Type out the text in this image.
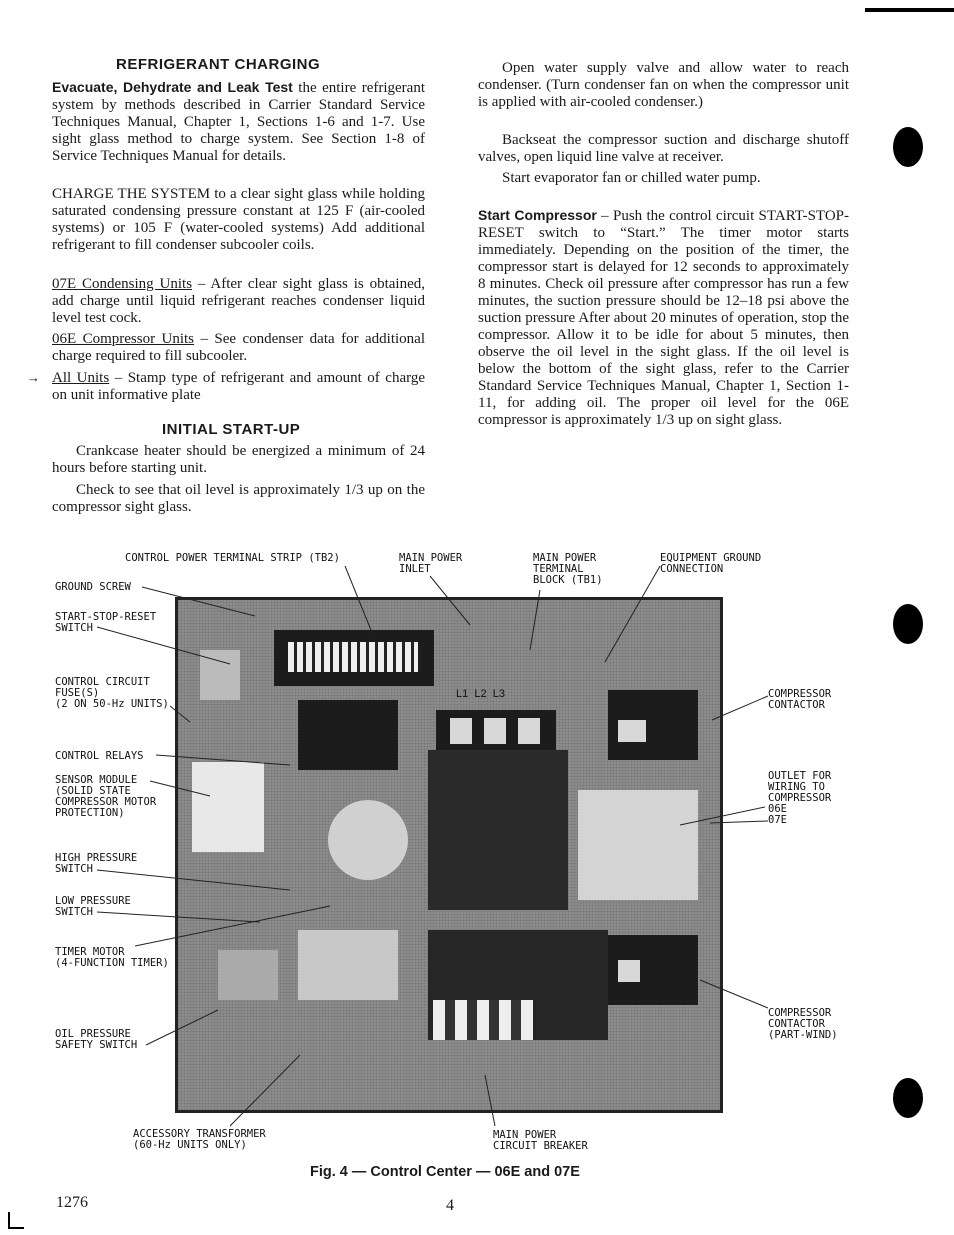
REFRIGERANT CHARGING

Evacuate, Dehydrate and Leak Test the entire refrigerant system by methods described in Carrier Standard Service Techniques Manual, Chapter 1, Sections 1-6 and 1-7. Use sight glass method to charge system. See Section 1-8 of Service Techniques Manual for details.

CHARGE THE SYSTEM to a clear sight glass while holding saturated condensing pressure constant at 125 F (air-cooled systems) or 105 F (water-cooled systems) Add additional refrigerant to fill condenser subcooler coils.

07E Condensing Units – After clear sight glass is obtained, add charge until liquid refrigerant reaches condenser liquid level test cock.

06E Compressor Units – See condenser data for additional charge required to fill subcooler.

→ All Units – Stamp type of refrigerant and amount of charge on unit informative plate

INITIAL START-UP

Crankcase heater should be energized a minimum of 24 hours before starting unit.

Check to see that oil level is approximately 1/3 up on the compressor sight glass.

Open water supply valve and allow water to reach condenser. (Turn condenser fan on when the compressor unit is applied with air-cooled condenser.)

Backseat the compressor suction and discharge shutoff valves, open liquid line valve at receiver.

Start evaporator fan or chilled water pump.

Start Compressor – Push the control circuit START-STOP-RESET switch to “Start.” The timer motor starts immediately. Depending on the position of the timer, the compressor start is delayed for 12 seconds to approximately 8 minutes. Check oil pressure after compressor has run a few minutes, the suction pressure should be 12–18 psi above the suction pressure After about 20 minutes of operation, stop the compressor. Allow it to be idle for about 5 minutes, then observe the oil level in the sight glass. If the oil level is below the bottom of the sight glass, refer to the Carrier Standard Service Techniques Manual, Chapter 1, Section 1-11, for adding oil. The proper oil level for the 06E compressor is approximately 1/3 up on sight glass.

L1  L2  L3
CONTROL POWER TERMINAL STRIP (TB2)	MAIN POWER
INLET
MAIN POWER
TERMINAL
BLOCK (TB1)
EQUIPMENT GROUND
CONNECTION
GROUND SCREW
START-STOP-RESET
SWITCH
CONTROL CIRCUIT
FUSE(S)
(2 ON 50-Hz UNITS)
CONTROL RELAYS
SENSOR MODULE
(SOLID STATE
COMPRESSOR MOTOR
PROTECTION)
HIGH PRESSURE
SWITCH
LOW PRESSURE
SWITCH
TIMER MOTOR
(4-FUNCTION TIMER)
OIL PRESSURE
SAFETY SWITCH
ACCESSORY TRANSFORMER
(60-Hz UNITS ONLY)
MAIN POWER
CIRCUIT BREAKER
COMPRESSOR
CONTACTOR
OUTLET FOR
WIRING TO
COMPRESSOR
06E
07E
COMPRESSOR
CONTACTOR
(PART-WIND)
Fig. 4 — Control Center — 06E and 07E
1276	4
